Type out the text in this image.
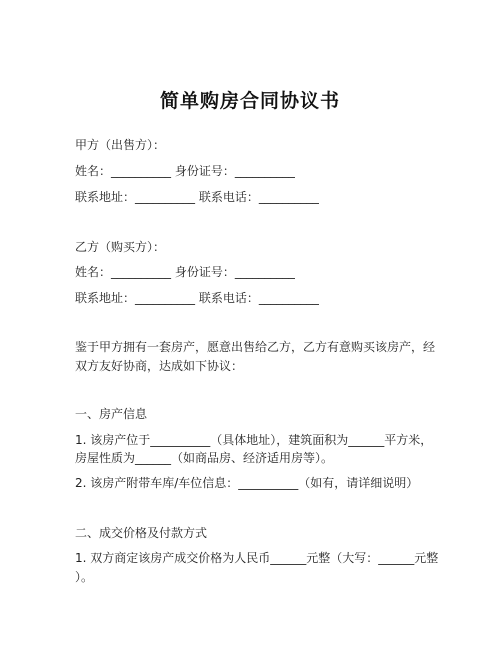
简单购房合同协议书
甲方（出售方）：
姓名：__________ 身份证号：__________
联系地址：__________ 联系电话：__________
乙方（购买方）：
姓名：__________ 身份证号：__________
联系地址：__________ 联系电话：__________
鉴于甲方拥有一套房产，愿意出售给乙方，乙方有意购买该房产，经
双方友好协商，达成如下协议：
一、房产信息
1. 该房产位于__________（具体地址），建筑面积为______平方米，
房屋性质为______（如商品房、经济适用房等）。
2. 该房产附带车库/车位信息：__________（如有，请详细说明）
二、成交价格及付款方式
1. 双方商定该房产成交价格为人民币______元整（大写：______元整
）。
